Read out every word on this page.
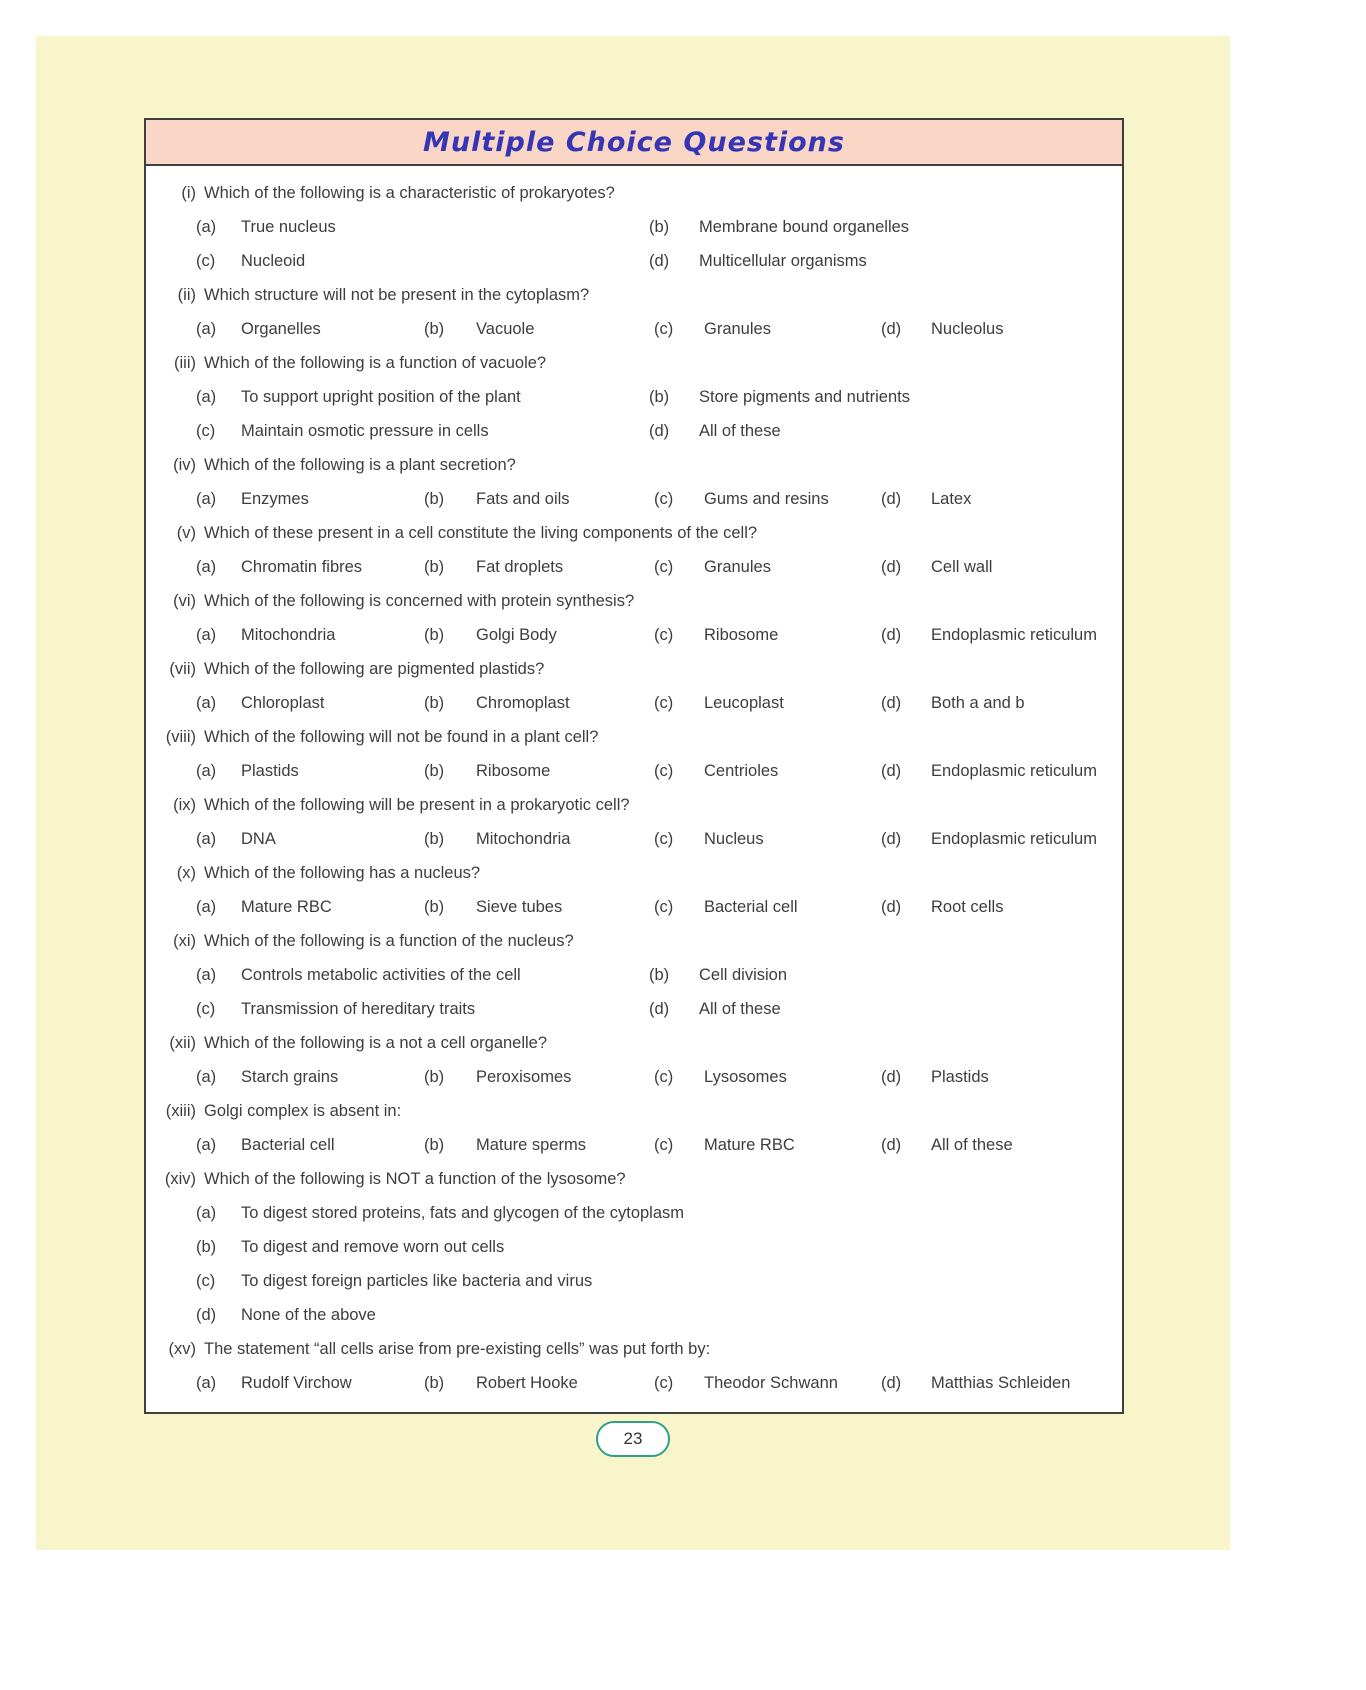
Multiple Choice Questions
(i) Which of the following is a characteristic of prokaryotes?
(a)	True nucleus	(b)	Membrane bound organelles
(c)	Nucleoid	(d)	Multicellular organisms
(ii) Which structure will not be present in the cytoplasm?
(a)	Organelles	(b)	Vacuole	(c)	Granules	(d)	Nucleolus
(iii) Which of the following is a function of vacuole?
(a)	To support upright position of the plant	(b)	Store pigments and nutrients
(c)	Maintain osmotic pressure in cells	(d)	All of these
(iv) Which of the following is a plant secretion?
(a)	Enzymes	(b)	Fats and oils	(c)	Gums and resins	(d)	Latex
(v) Which of these present in a cell constitute the living components of the cell?
(a)	Chromatin fibres	(b)	Fat droplets	(c)	Granules	(d)	Cell wall
(vi) Which of the following is concerned with protein synthesis?
(a)	Mitochondria	(b)	Golgi Body	(c)	Ribosome	(d)	Endoplasmic reticulum
(vii) Which of the following are pigmented plastids?
(a)	Chloroplast	(b)	Chromoplast	(c)	Leucoplast	(d)	Both a and b
(viii) Which of the following will not be found in a plant cell?
(a)	Plastids	(b)	Ribosome	(c)	Centrioles	(d)	Endoplasmic reticulum
(ix) Which of the following will be present in a prokaryotic cell?
(a)	DNA	(b)	Mitochondria	(c)	Nucleus	(d)	Endoplasmic reticulum
(x) Which of the following has a nucleus?
(a)	Mature RBC	(b)	Sieve tubes	(c)	Bacterial cell	(d)	Root cells
(xi) Which of the following is a function of the nucleus?
(a)	Controls metabolic activities of the cell	(b)	Cell division
(c)	Transmission of hereditary traits	(d)	All of these
(xii) Which of the following is a not a cell organelle?
(a)	Starch grains	(b)	Peroxisomes	(c)	Lysosomes	(d)	Plastids
(xiii) Golgi complex is absent in:
(a)	Bacterial cell	(b)	Mature sperms	(c)	Mature RBC	(d)	All of these
(xiv) Which of the following is NOT a function of the lysosome?
(a)	To digest stored proteins, fats and glycogen of the cytoplasm
(b)	To digest and remove worn out cells
(c)	To digest foreign particles like bacteria and virus
(d)	None of the above
(xv) The statement “all cells arise from pre-existing cells” was put forth by:
(a)	Rudolf Virchow	(b)	Robert Hooke	(c)	Theodor Schwann	(d)	Matthias Schleiden
23
